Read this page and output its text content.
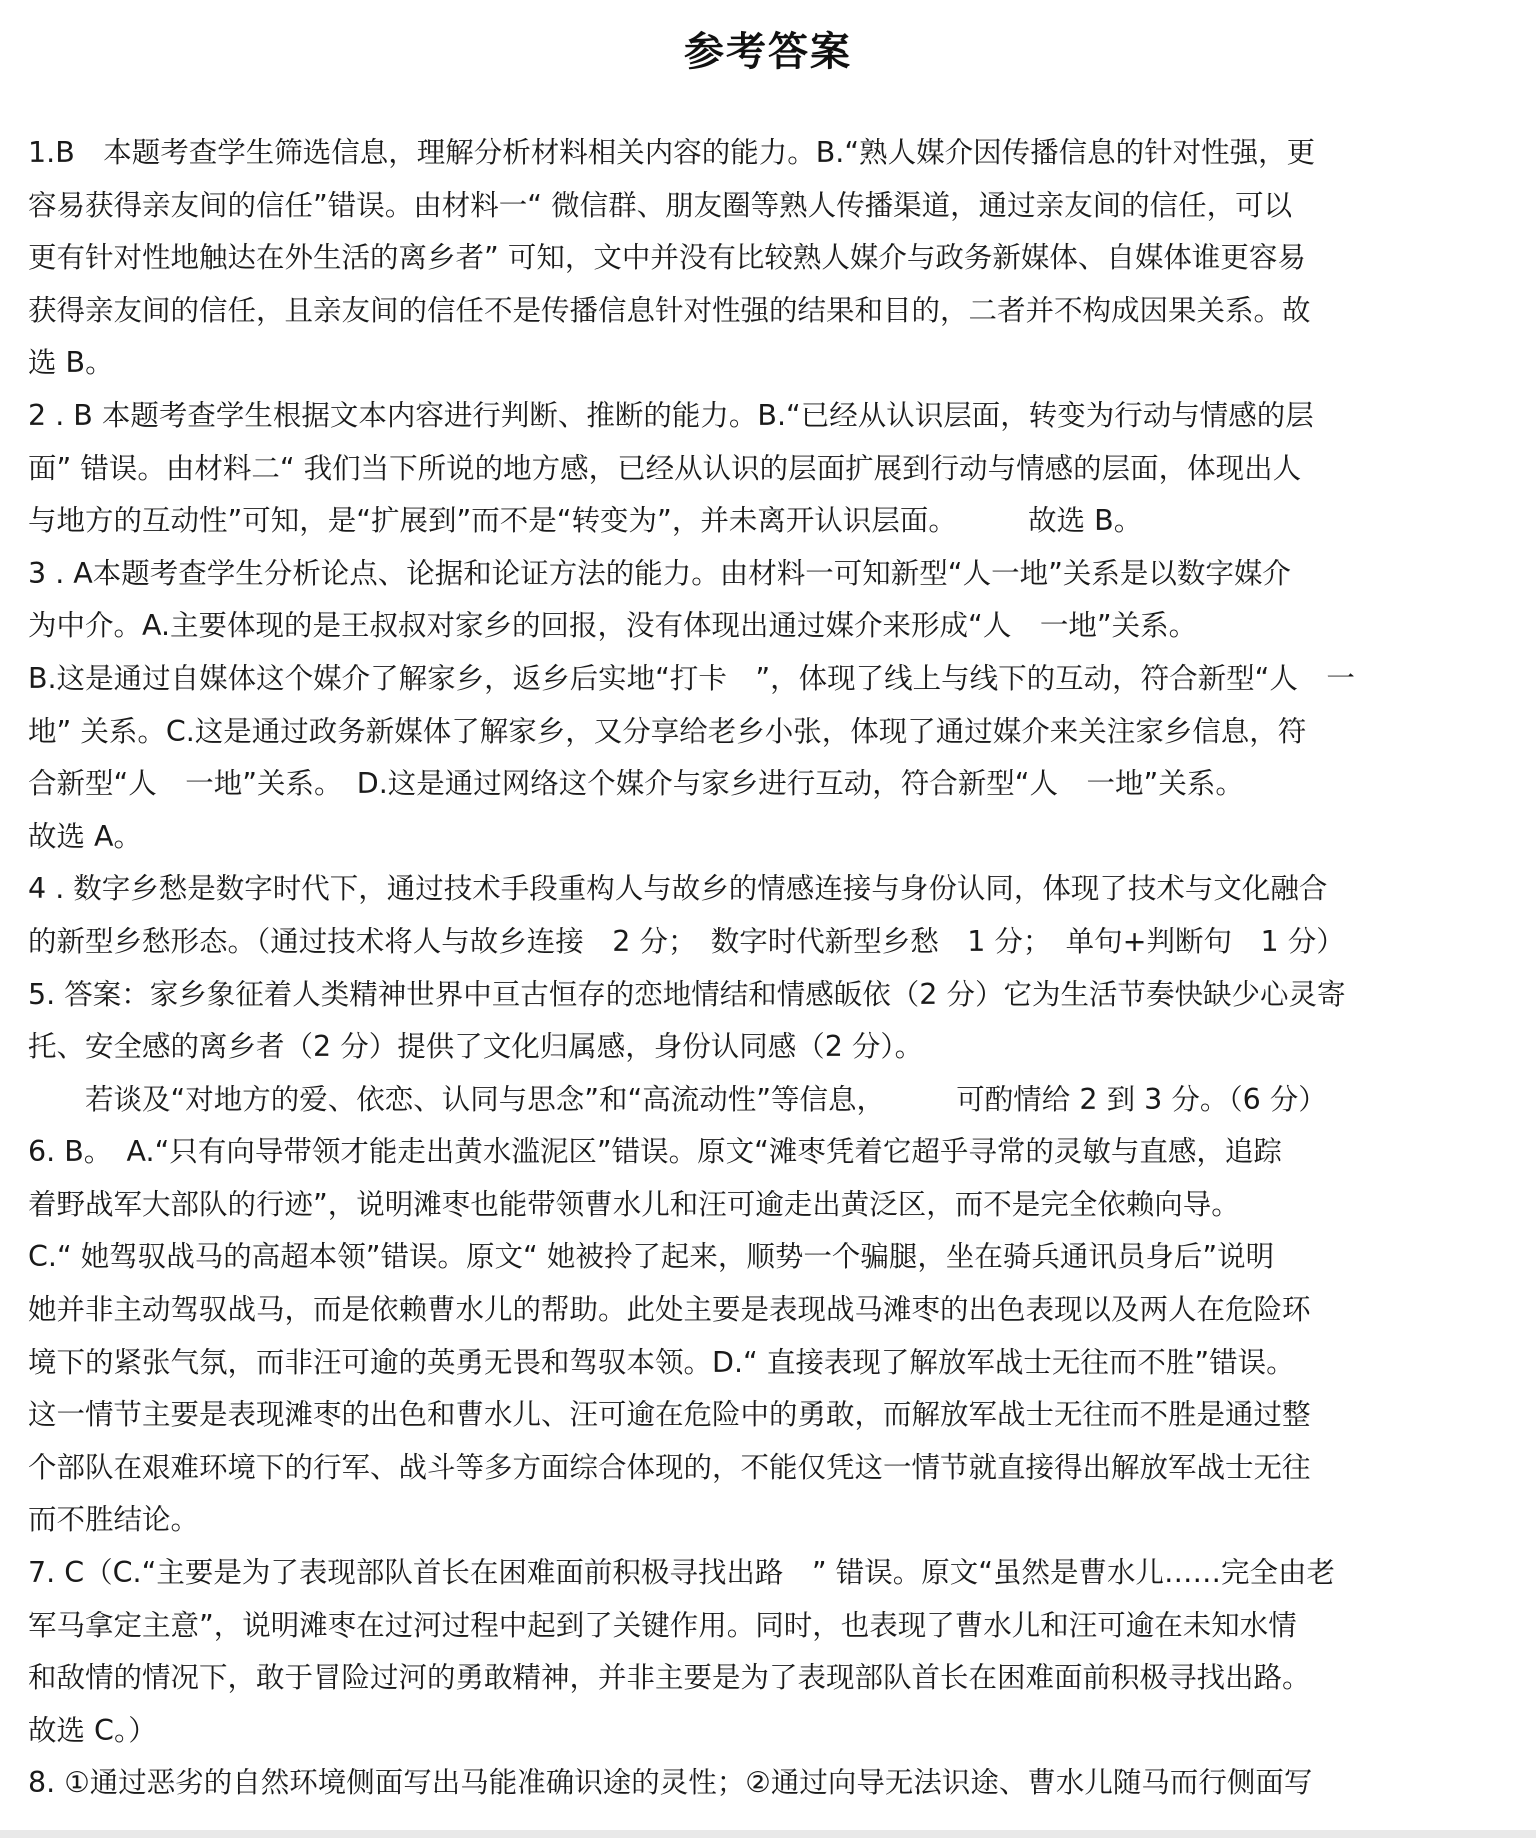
参考答案
1.B　本题考查学生筛选信息，理解分析材料相关内容的能力。B.“熟人媒介因传播信息的针对性强，更
容易获得亲友间的信任”错误。由材料一“ 微信群、朋友圈等熟人传播渠道，通过亲友间的信任，可以
更有针对性地触达在外生活的离乡者” 可知，文中并没有比较熟人媒介与政务新媒体、自媒体谁更容易
获得亲友间的信任，且亲友间的信任不是传播信息针对性强的结果和目的，二者并不构成因果关系。故
选 B。
2 . B 本题考查学生根据文本内容进行判断、推断的能力。B.“已经从认识层面，转变为行动与情感的层
面” 错误。由材料二“ 我们当下所说的地方感，已经从认识的层面扩展到行动与情感的层面，体现出人
与地方的互动性”可知，是“扩展到”而不是“转变为”，并未离开认识层面。　　　故选 B。
3 . A本题考查学生分析论点、论据和论证方法的能力。由材料一可知新型“人一地”关系是以数字媒介
为中介。A.主要体现的是王叔叔对家乡的回报，没有体现出通过媒介来形成“人　一地”关系。
B.这是通过自媒体这个媒介了解家乡，返乡后实地“打卡　”，体现了线上与线下的互动，符合新型“人　一
地” 关系。C.这是通过政务新媒体了解家乡，又分享给老乡小张，体现了通过媒介来关注家乡信息，符
合新型“人　一地”关系。　D.这是通过网络这个媒介与家乡进行互动，符合新型“人　一地”关系。
故选 A。
4 . 数字乡愁是数字时代下，通过技术手段重构人与故乡的情感连接与身份认同，体现了技术与文化融合
的新型乡愁形态。（通过技术将人与故乡连接　2 分；　数字时代新型乡愁　1 分；　单句+判断句　1 分）
5. 答案：家乡象征着人类精神世界中亘古恒存的恋地情结和情感皈依（2 分）它为生活节奏快缺少心灵寄
托、安全感的离乡者（2 分）提供了文化归属感，身份认同感（2 分）。
　　若谈及“对地方的爱、依恋、认同与思念”和“高流动性”等信息，　　　可酌情给 2 到 3 分。（6 分）
6. B。　A.“只有向导带领才能走出黄水滥泥区”错误。原文“滩枣凭着它超乎寻常的灵敏与直感，追踪
着野战军大部队的行迹”，说明滩枣也能带领曹水儿和汪可逾走出黄泛区，而不是完全依赖向导。
C.“ 她驾驭战马的高超本领”错误。原文“ 她被拎了起来，顺势一个骗腿，坐在骑兵通讯员身后”说明
她并非主动驾驭战马，而是依赖曹水儿的帮助。此处主要是表现战马滩枣的出色表现以及两人在危险环
境下的紧张气氛，而非汪可逾的英勇无畏和驾驭本领。D.“ 直接表现了解放军战士无往而不胜”错误。
这一情节主要是表现滩枣的出色和曹水儿、汪可逾在危险中的勇敢，而解放军战士无往而不胜是通过整
个部队在艰难环境下的行军、战斗等多方面综合体现的，不能仅凭这一情节就直接得出解放军战士无往
而不胜结论。
7. C（C.“主要是为了表现部队首长在困难面前积极寻找出路　” 错误。原文“虽然是曹水儿……完全由老
军马拿定主意”，说明滩枣在过河过程中起到了关键作用。同时，也表现了曹水儿和汪可逾在未知水情
和敌情的情况下，敢于冒险过河的勇敢精神，并非主要是为了表现部队首长在困难面前积极寻找出路。
故选 C。）
8. ①通过恶劣的自然环境侧面写出马能准确识途的灵性；②通过向导无法识途、曹水儿随马而行侧面写
